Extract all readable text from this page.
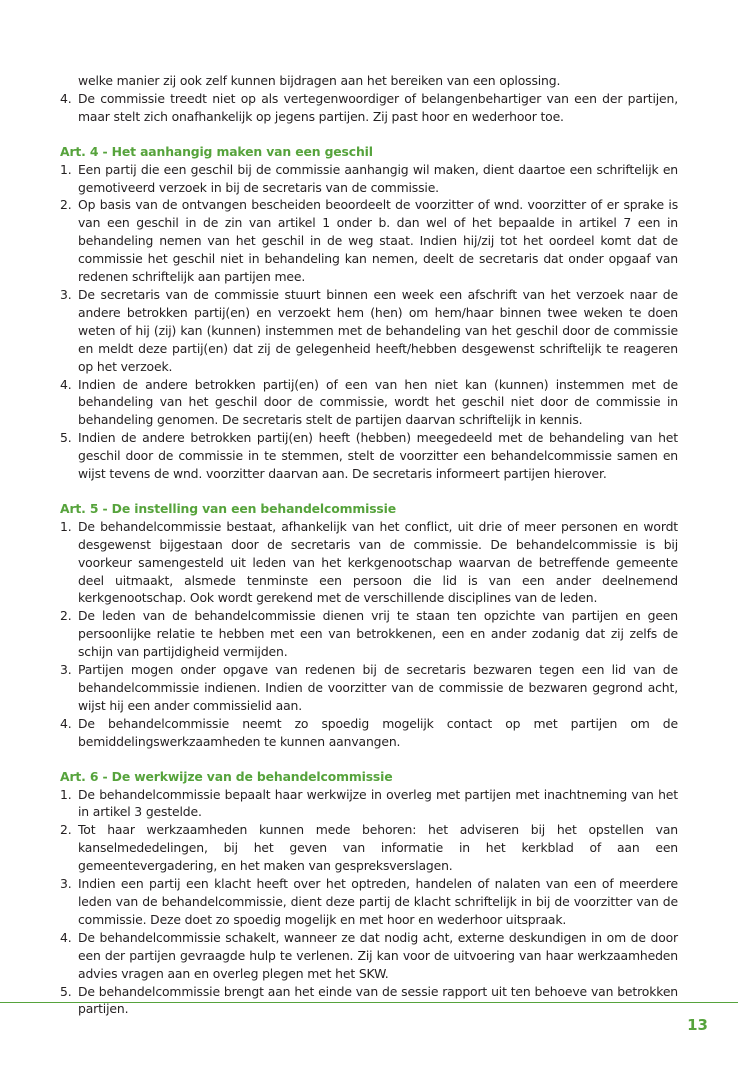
welke manier zij ook zelf kunnen bijdragen aan het bereiken van een oplossing.

4. De commissie treedt niet op als vertegenwoordiger of belangenbehartiger van een der partijen, maar stelt zich onafhankelijk op jegens partijen. Zij past hoor en wederhoor toe.
Art. 4 - Het aanhangig maken van een geschil
1. Een partij die een geschil bij de commissie aanhangig wil maken, dient daartoe een schriftelijk en gemotiveerd verzoek in bij de secretaris van de commissie.
2. Op basis van de ontvangen bescheiden beoordeelt de voorzitter of wnd. voorzitter of er sprake is van een geschil in de zin van artikel 1 onder b. dan wel of het bepaalde in artikel 7 een in behandeling nemen van het geschil in de weg staat. Indien hij/zij tot het oordeel komt dat de commissie het geschil niet in behandeling kan nemen, deelt de secretaris dat onder opgaaf van redenen schriftelijk aan partijen mee.
3. De secretaris van de commissie stuurt binnen een week een afschrift van het verzoek naar de andere betrokken partij(en) en verzoekt hem (hen) om hem/haar binnen twee weken te doen weten of hij (zij) kan (kunnen) instemmen met de behandeling van het geschil door de commissie en meldt deze partij(en) dat zij de gelegenheid heeft/hebben desgewenst schriftelijk te reageren op het verzoek.
4. Indien de andere betrokken partij(en) of een van hen niet kan (kunnen) instemmen met de behandeling van het geschil door de commissie, wordt het geschil niet door de commissie in behandeling genomen. De secretaris stelt de partijen daarvan schriftelijk in kennis.
5. Indien de andere betrokken partij(en) heeft (hebben) meegedeeld met de behandeling van het geschil door de commissie in te stemmen, stelt de voorzitter een behandelcommissie samen en wijst tevens de wnd. voorzitter daarvan aan. De secretaris informeert partijen hierover.
Art. 5 - De instelling van een behandelcommissie
1. De behandelcommissie bestaat, afhankelijk van het conflict, uit drie of meer personen en wordt desgewenst bijgestaan door de secretaris van de commissie. De behandelcommissie is bij voorkeur samengesteld uit leden van het kerkgenootschap waarvan de betreffende gemeente deel uitmaakt, alsmede tenminste een persoon die lid is van een ander deelnemend kerkgenootschap. Ook wordt gerekend met de verschillende disciplines van de leden.
2. De leden van de behandelcommissie dienen vrij te staan ten opzichte van partijen en geen persoonlijke relatie te hebben met een van betrokkenen, een en ander zodanig dat zij zelfs de schijn van partijdigheid vermijden.
3. Partijen mogen onder opgave van redenen bij de secretaris bezwaren tegen een lid van de behandelcommissie indienen. Indien de voorzitter van de commissie de bezwaren gegrond acht, wijst hij een ander commissielid aan.
4. De behandelcommissie neemt zo spoedig mogelijk contact op met partijen om de bemiddelingswerkzaamheden te kunnen aanvangen.
Art. 6 - De werkwijze van de behandelcommissie
1. De behandelcommissie bepaalt haar werkwijze in overleg met partijen met inachtneming van het in artikel 3 gestelde.
2. Tot haar werkzaamheden kunnen mede behoren: het adviseren bij het opstellen van kanselmededelingen, bij het geven van informatie in het kerkblad of aan een gemeentevergadering, en het maken van gespreksverslagen.
3. Indien een partij een klacht heeft over het optreden, handelen of nalaten van een of meerdere leden van de behandelcommissie, dient deze partij de klacht schriftelijk in bij de voorzitter van de commissie. Deze doet zo spoedig mogelijk en met hoor en wederhoor uitspraak.
4. De behandelcommissie schakelt, wanneer ze dat nodig acht, externe deskundigen in om de door een der partijen gevraagde hulp te verlenen. Zij kan voor de uitvoering van haar werkzaamheden advies vragen aan en overleg plegen met het SKW.
5. De behandelcommissie brengt aan het einde van de sessie rapport uit ten behoeve van betrokken partijen.
13
